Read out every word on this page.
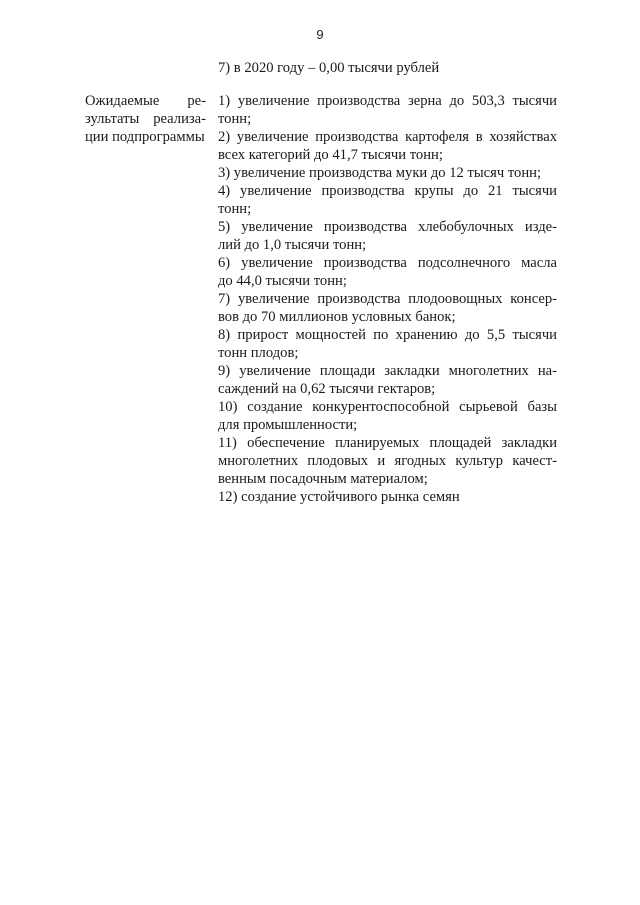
9
7) в 2020 году – 0,00 тысячи рублей
Ожидаемые ре-
зультаты реализа-
ции подпрограммы
1) увеличение производства зерна до 503,3 тысячи
тонн;
2) увеличение производства картофеля в хозяйствах
всех категорий до 41,7 тысячи тонн;
3) увеличение производства муки до 12 тысяч тонн;
4) увеличение производства крупы до 21 тысячи
тонн;
5) увеличение производства хлебобулочных изде-
лий до 1,0 тысячи тонн;
6) увеличение производства подсолнечного масла
до 44,0 тысячи тонн;
7) увеличение производства плодоовощных консер-
вов до 70 миллионов условных банок;
8) прирост мощностей по хранению до 5,5 тысячи
тонн плодов;
9) увеличение площади закладки многолетних на-
саждений на 0,62 тысячи гектаров;
10) создание конкурентоспособной сырьевой базы
для промышленности;
11) обеспечение планируемых площадей закладки
многолетних плодовых и ягодных культур качест-
венным посадочным материалом;
12) создание устойчивого рынка семян
